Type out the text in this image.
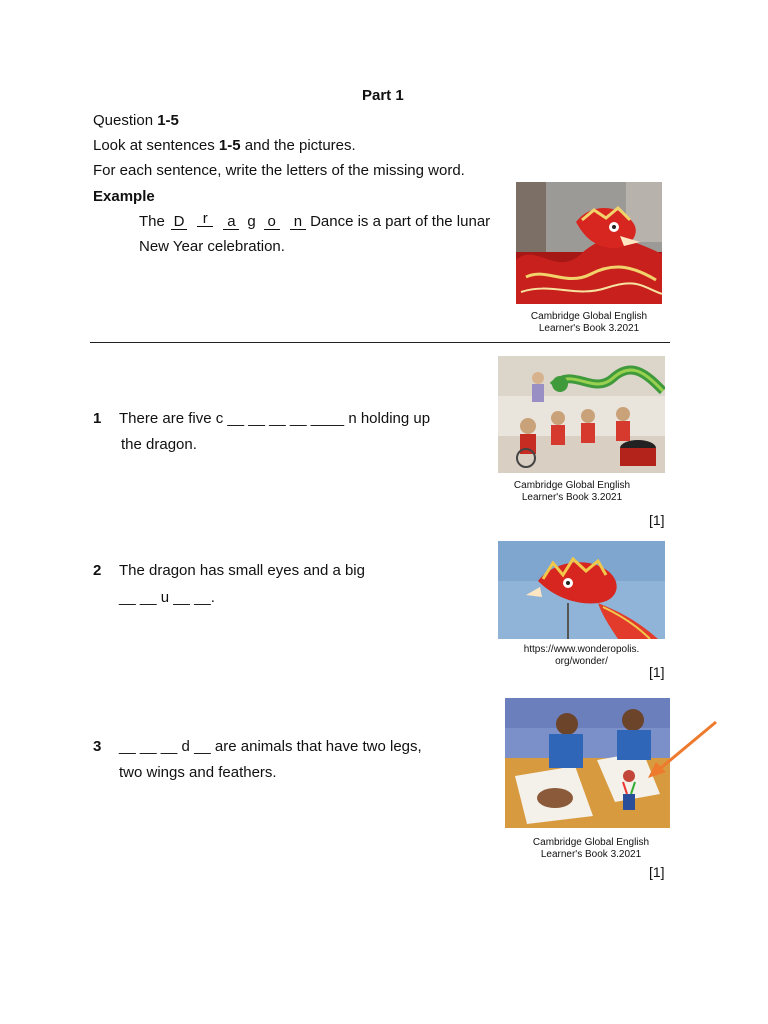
Part 1
Question 1-5
Look at sentences 1-5 and the pictures.
For each sentence, write the letters of the missing word.
Example
The D r a g o n Dance is a part of the lunar
New Year celebration.
Cambridge Global English
Learner's Book 3.2021
1 There are five c __ __ __ __ ____ n holding up
the dragon.
Cambridge Global English
Learner's Book 3.2021
[1]
2 The dragon has small eyes and a big
__ __ u __ __.
https://www.wonderopolis.
org/wonder/
[1]
3 __ __ __ d __ are animals that have two legs,
two wings and feathers.
Cambridge Global English
Learner's Book 3.2021
[1]
